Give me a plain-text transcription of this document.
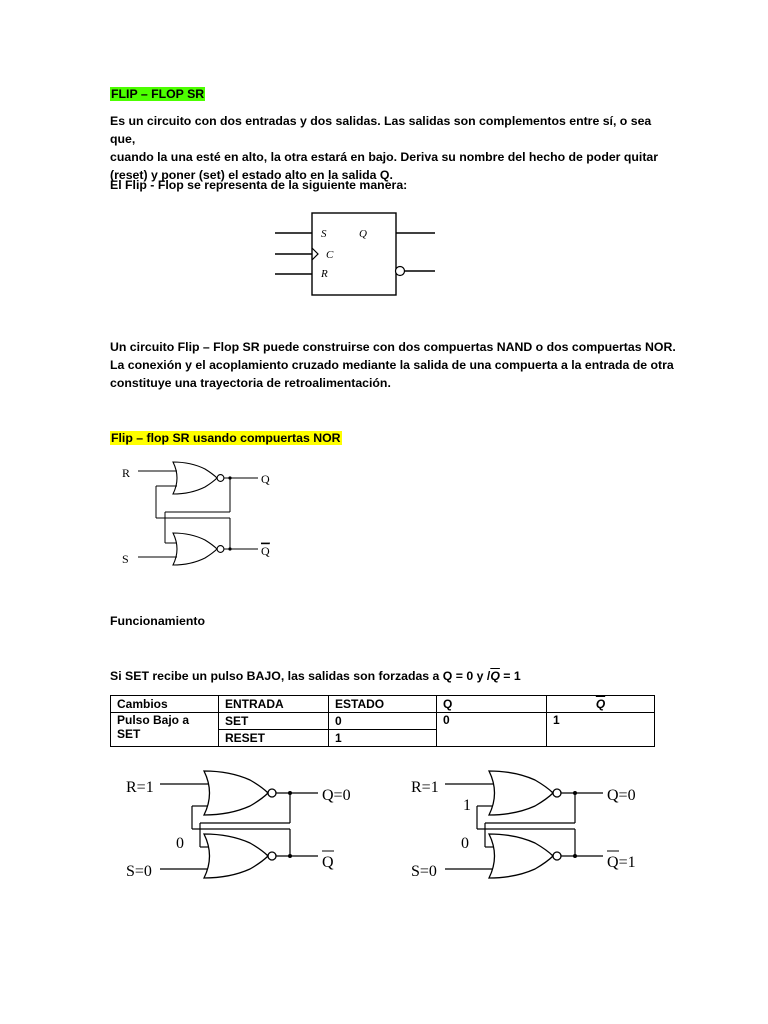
FLIP – FLOP SR
Es un circuito con dos entradas y dos salidas. Las salidas son complementos entre sí, o sea que,
cuando la una esté en alto, la otra estará en bajo. Deriva su nombre del hecho de poder quitar
(reset) y poner (set) el estado alto en la salida Q.
El Flip - Flop se representa de la siguiente manera:
S
C
R
Q
Un circuito Flip – Flop SR puede construirse con dos compuertas NAND o dos compuertas NOR.
La conexión y el acoplamiento cruzado mediante la salida de una compuerta a la entrada de otra
constituye una trayectoria de retroalimentación.
Flip – flop SR usando compuertas NOR
R
S
Q
Q
Funcionamiento
Si SET recibe un pulso BAJO, las salidas son forzadas a Q = 0 y $/\overline{Q} = 1$
Cambios	ENTRADA	ESTADO	Q	$\overline{Q}$
Pulso Bajo a SET	SET	0	0	1
	RESET	1		
R=1
S=0
0
Q=0
Q
R=1
S=0
1
0
Q=0
Q=1
